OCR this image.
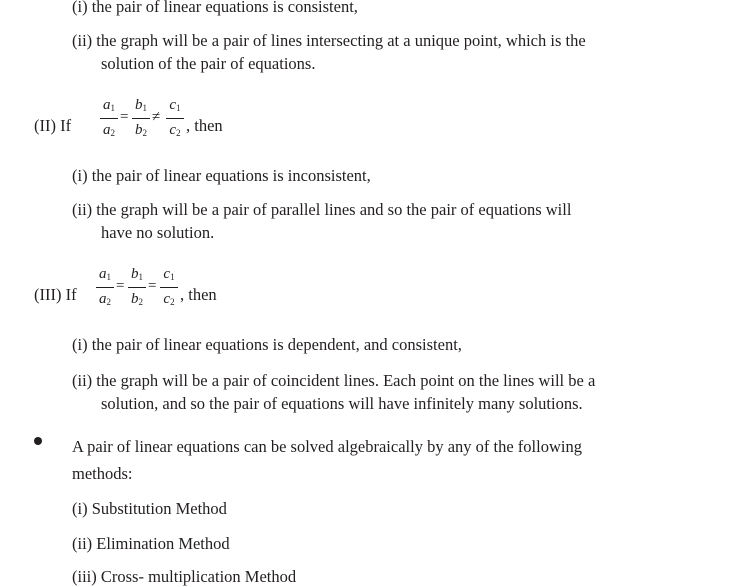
(i) the pair of linear equations is consistent,
(ii) the graph will be a pair of lines intersecting at a unique point, which is the
solution of the pair of equations.
(II) If
$a_1$
$a_2$
=
$b_1$
$b_2$
≠
$c_1$
$c_2$ , then
(i) the pair of linear equations is inconsistent,
(ii) the graph will be a pair of parallel lines and so the pair of equations will
have no solution.
(III) If
$a_1$
$a_2$
=
$b_1$
$b_2$
=
$c_1$
$c_2$ , then
(i) the pair of linear equations is dependent, and consistent,
(ii) the graph will be a pair of coincident lines. Each point on the lines will be a
solution, and so the pair of equations will have infinitely many solutions.
A pair of linear equations can be solved algebraically by any of the following
methods:
(i) Substitution Method
(ii) Elimination Method
(iii) Cross- multiplication Method
